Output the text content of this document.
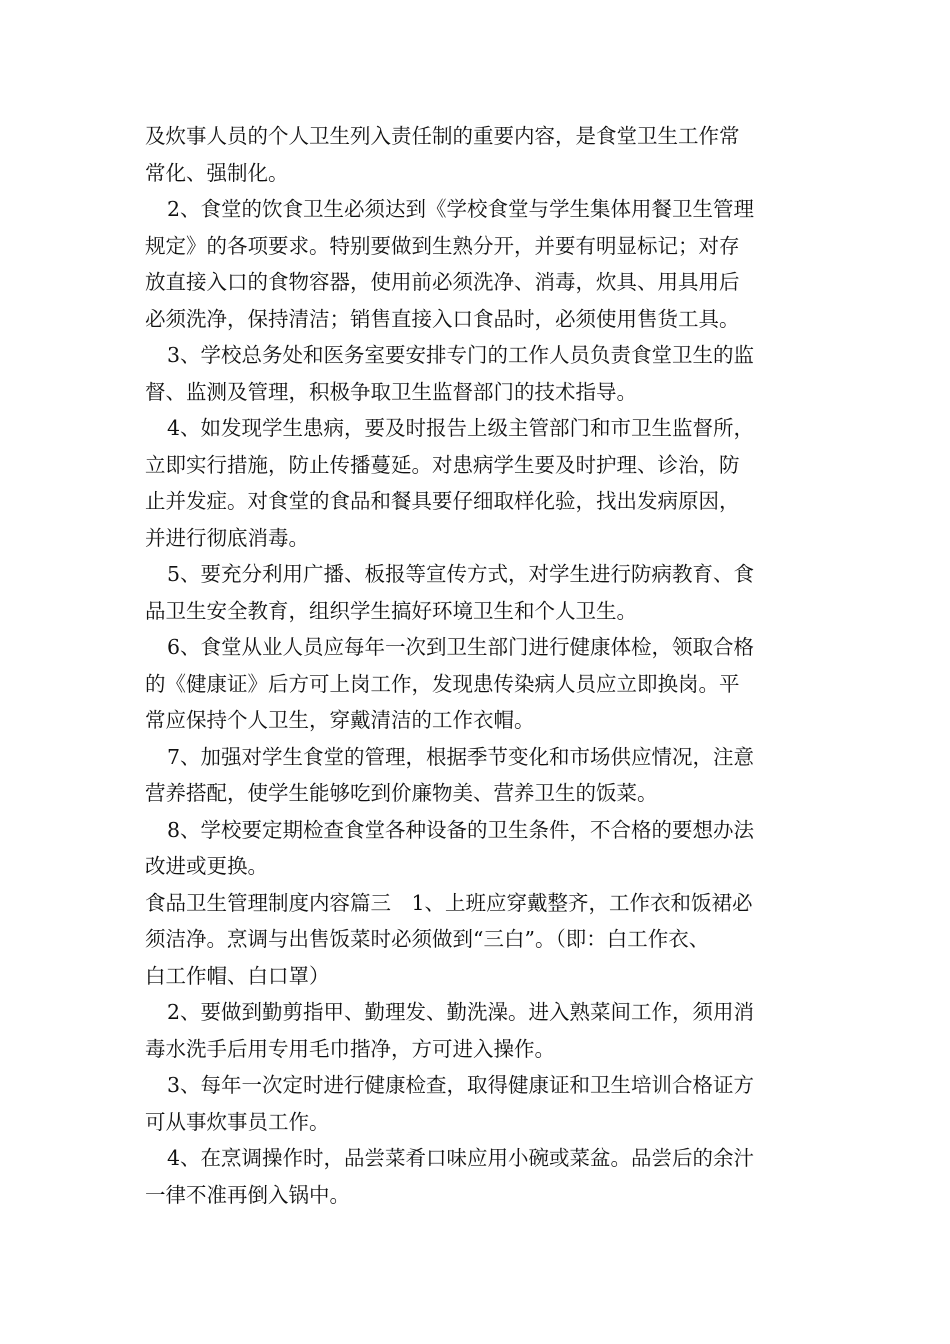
及炊事人员的个人卫生列入责任制的重要内容，是食堂卫生工作常
常化、强制化。
2、食堂的饮食卫生必须达到《学校食堂与学生集体用餐卫生管理
规定》的各项要求。特别要做到生熟分开，并要有明显标记；对存
放直接入口的食物容器，使用前必须洗净、消毒，炊具、用具用后
必须洗净，保持清洁；销售直接入口食品时，必须使用售货工具。
3、学校总务处和医务室要安排专门的工作人员负责食堂卫生的监
督、监测及管理，积极争取卫生监督部门的技术指导。
4、如发现学生患病，要及时报告上级主管部门和市卫生监督所，
立即实行措施，防止传播蔓延。对患病学生要及时护理、诊治，防
止并发症。对食堂的食品和餐具要仔细取样化验，找出发病原因，
并进行彻底消毒。
5、要充分利用广播、板报等宣传方式，对学生进行防病教育、食
品卫生安全教育，组织学生搞好环境卫生和个人卫生。
6、食堂从业人员应每年一次到卫生部门进行健康体检，领取合格
的《健康证》后方可上岗工作，发现患传染病人员应立即换岗。平
常应保持个人卫生，穿戴清洁的工作衣帽。
7、加强对学生食堂的管理，根据季节变化和市场供应情况，注意
营养搭配，使学生能够吃到价廉物美、营养卫生的饭菜。
8、学校要定期检查食堂各种设备的卫生条件，不合格的要想办法
改进或更换。
食品卫生管理制度内容篇三　1、上班应穿戴整齐，工作衣和饭裙必
须洁净。烹调与出售饭菜时必须做到“三白”。（即：白工作衣、
白工作帽、白口罩）
2、要做到勤剪指甲、勤理发、勤洗澡。进入熟菜间工作，须用消
毒水洗手后用专用毛巾揩净，方可进入操作。
3、每年一次定时进行健康检查，取得健康证和卫生培训合格证方
可从事炊事员工作。
4、在烹调操作时，品尝菜肴口味应用小碗或菜盆。品尝后的余汁
一律不准再倒入锅中。
